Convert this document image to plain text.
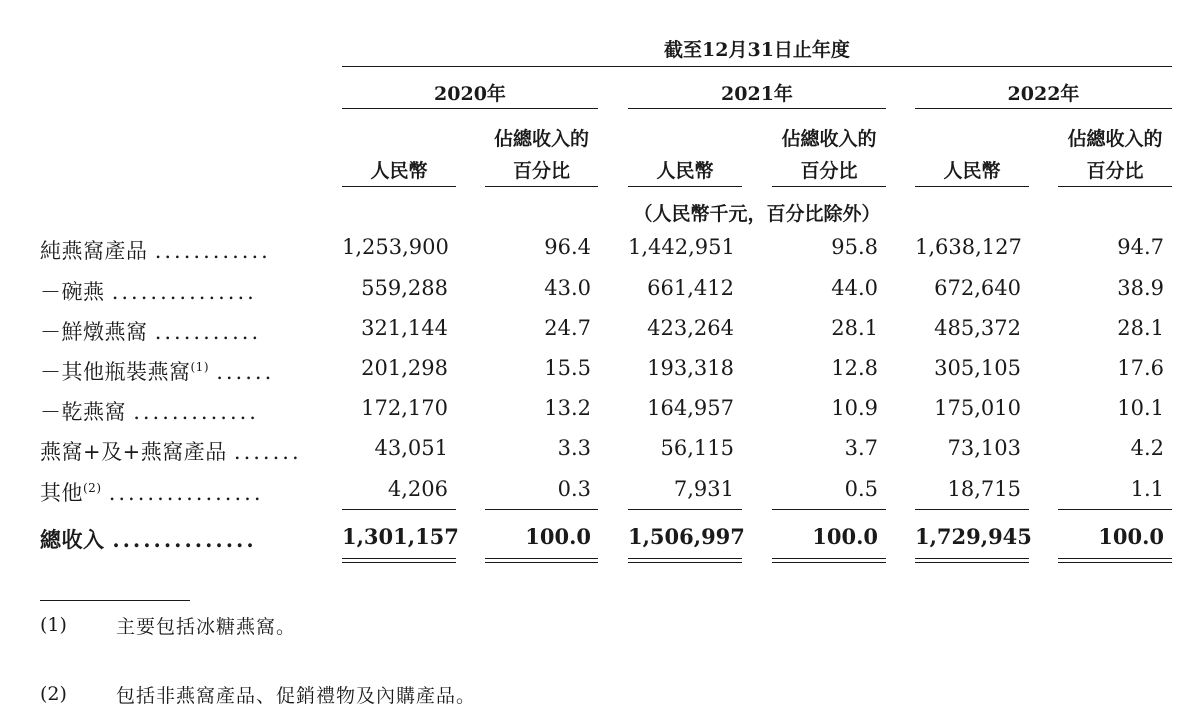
截至12月31日止年度
2020年	2021年	2022年
佔總收入的	佔總收入的	佔總收入的
人民幣	百分比	人民幣	百分比	人民幣	百分比
（人民幣千元，百分比除外）
純燕窩產品 ............	1,253,900	96.4 1,442,951	95.8 1,638,127	94.7
－碗燕 ...............	559,288	43.0	661,412	44.0	672,640	38.9
－鮮燉燕窩 ...........	321,144	24.7	423,264	28.1	485,372	28.1
－其他瓶裝燕窩$^{(1)}$ ......	201,298	15.5	193,318	12.8	305,105	17.6
－乾燕窩 .............	172,170	13.2	164,957	10.9	175,010	10.1
燕窩+及+燕窩產品 .......	43,051	3.3	56,115	3.7	73,103	4.2
其他$^{(2)}$ ................	4,206	0.3	7,931	0.5	18,715	1.1
總收入 ..............	1,301,157	100.0 1,506,997	100.0 1,729,945	100.0
(1)	主要包括冰糖燕窩。
(2)	包括非燕窩產品、促銷禮物及內購產品。
